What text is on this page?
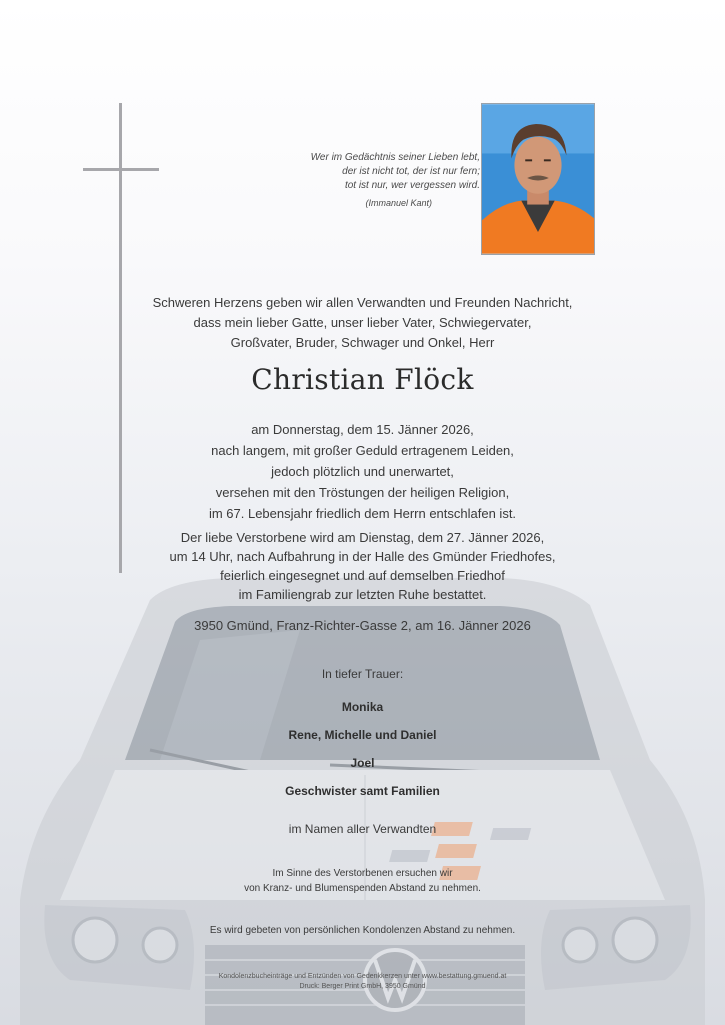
Wer im Gedächtnis seiner Lieben lebt,
der ist nicht tot, der ist nur fern;
tot ist nur, wer vergessen wird.
(Immanuel Kant)
Schweren Herzens geben wir allen Verwandten und Freunden Nachricht,
dass mein lieber Gatte, unser lieber Vater, Schwiegervater,
Großvater, Bruder, Schwager und Onkel, Herr
Christian Flöck
am Donnerstag, dem 15. Jänner 2026,
nach langem, mit großer Geduld ertragenem Leiden,
jedoch plötzlich und unerwartet,
versehen mit den Tröstungen der heiligen Religion,
im 67. Lebensjahr friedlich dem Herrn entschlafen ist.
Der liebe Verstorbene wird am Dienstag, dem 27. Jänner 2026,
um 14 Uhr, nach Aufbahrung in der Halle des Gmünder Friedhofes,
feierlich eingesegnet und auf demselben Friedhof
im Familiengrab zur letzten Ruhe bestattet.
3950 Gmünd, Franz-Richter-Gasse 2, am 16. Jänner 2026
In tiefer Trauer:
Monika
Rene, Michelle und Daniel
Joel
Geschwister samt Familien
im Namen aller Verwandten
Im Sinne des Verstorbenen ersuchen wir
von Kranz- und Blumenspenden Abstand zu nehmen.
Es wird gebeten von persönlichen Kondolenzen Abstand zu nehmen.
Kondolenzbucheinträge und Entzünden von Gedenkkerzen unter www.bestattung.gmuend.at
Druck: Berger Print GmbH, 3950 Gmünd
